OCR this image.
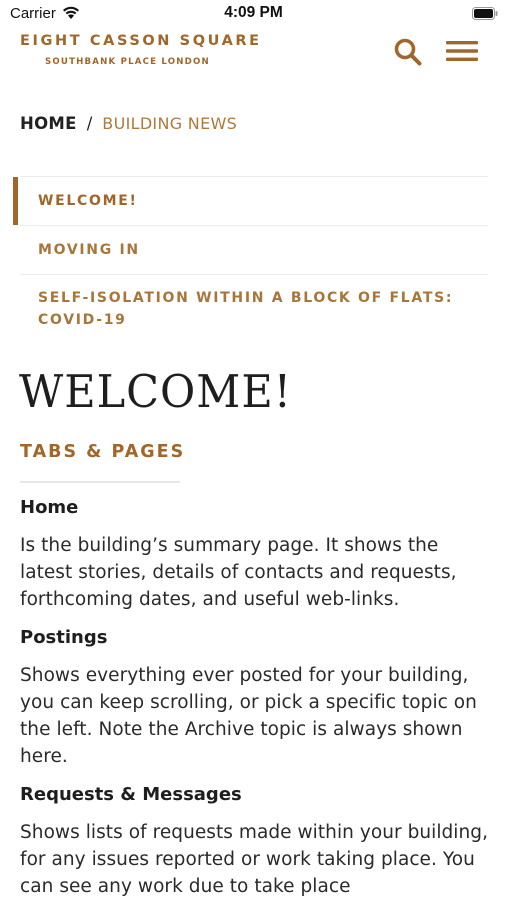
Carrier	4:09 PM
EIGHT CASSON SQUARE
SOUTHBANK PLACE LONDON
HOME / BUILDING NEWS
WELCOME!
MOVING IN
SELF-ISOLATION WITHIN A BLOCK OF FLATS: COVID-19
WELCOME!
TABS & PAGES
Home
Is the building’s summary page. It shows the latest stories, details of contacts and requests, forthcoming dates, and useful web-links.
Postings
Shows everything ever posted for your building, you can keep scrolling, or pick a specific topic on the left. Note the Archive topic is always shown here.
Requests & Messages
Shows lists of requests made within your building, for any issues reported or work taking place. You can see any work due to take place
